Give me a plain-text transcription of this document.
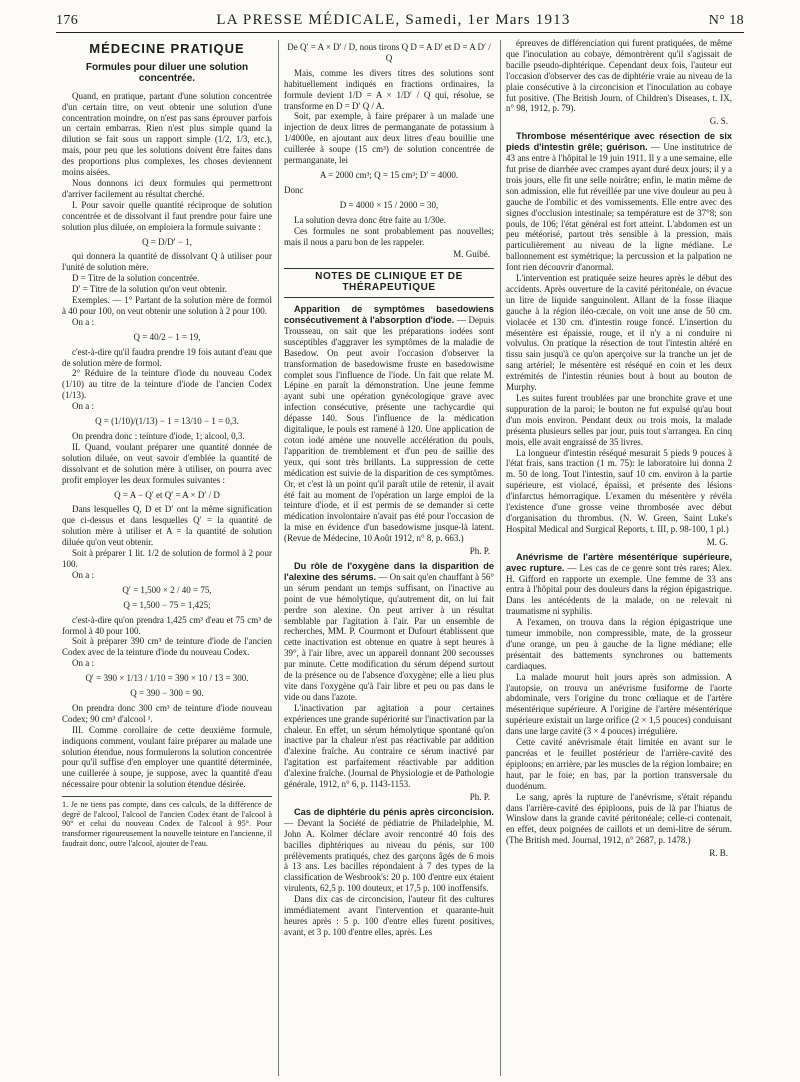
176	LA PRESSE MÉDICALE, Samedi, 1er Mars 1913	N° 18
MÉDECINE PRATIQUE
Formules pour diluer une solution concentrée.

Quand, en pratique, partant d'une solution concentrée d'un certain titre, on veut obtenir une solution d'une concentration moindre, on n'est pas sans éprouver parfois un certain embarras. Rien n'est plus simple quand la dilution se fait sous un rapport simple (1/2, 1/3, etc.), mais, pour peu que les solutions doivent être faites dans des proportions plus complexes, les choses deviennent moins aisées.

Nous donnons ici deux formules qui permettront d'arriver facilement au résultat cherché.

I. Pour savoir quelle quantité réciproque de solution concentrée et de dissolvant il faut prendre pour faire une solution plus diluée, on emploiera la formule suivante :

Q = D/D′ − 1,

qui donnera la quantité de dissolvant Q à utiliser pour l'unité de solution mère.

D = Titre de la solution concentrée.

D′ = Titre de la solution qu'on veut obtenir.

Exemples. — 1° Partant de la solution mère de formol à 40 pour 100, on veut obtenir une solution à 2 pour 100.

On a :

Q = 40/2 − 1 = 19,

c'est-à-dire qu'il faudra prendre 19 fois autant d'eau que de solution mère de formol.

2° Réduire de la teinture d'iode du nouveau Codex (1/10) au titre de la teinture d'iode de l'ancien Codex (1/13).

On a :

Q = (1/10)/(1/13) − 1 = 13/10 − 1 = 0,3.

On prendra donc : teinture d'iode, 1; alcool, 0,3.

II. Quand, voulant préparer une quantité donnée de solution diluée, on veut savoir d'emblée la quantité de dissolvant et de solution mère à utiliser, on pourra avec profit employer les deux formules suivantes :

Q = A − Q′ et Q′ = A × D′ / D

Dans lesquelles Q, D et D′ ont la même signification que ci-dessus et dans lesquelles Q′ = la quantité de solution mère à utiliser et A = la quantité de solution diluée qu'on veut obtenir.

Soit à préparer 1 lit. 1/2 de solution de formol à 2 pour 100.

On a :

Q′ = 1,500 × 2 / 40 = 75,
Q = 1,500 − 75 = 1,425;

c'est-à-dire qu'on prendra 1,425 cm³ d'eau et 75 cm³ de formol à 40 pour 100.

Soit à préparer 390 cm³ de teinture d'iode de l'ancien Codex avec de la teinture d'iode du nouveau Codex.

On a :

Q′ = 390 × 1/13 / 1/10 = 390 × 10 / 13 = 300.
Q = 390 − 300 = 90.

On prendra donc 300 cm³ de teinture d'iode nouveau Codex; 90 cm³ d'alcool ¹.

III. Comme corollaire de cette deuxième formule, indiquons comment, voulant faire préparer au malade une solution étendue, nous formulerons la solution concentrée pour qu'il suffise d'en employer une quantité déterminée, une cuillerée à soupe, je suppose, avec la quantité d'eau nécessaire pour obtenir la solution étendue désirée.

1. Je ne tiens pas compte, dans ces calculs, de la différence de degré de l'alcool, l'alcool de l'ancien Codex étant de l'alcool à 90° et celui du nouveau Codex de l'alcool à 95°. Pour transformer rigoureusement la nouvelle teinture en l'ancienne, il faudrait donc, outre l'alcool, ajouter de l'eau.
De Q′ = A × D′ / D, nous tirons Q D = A D′ et D = A D′ / Q

Mais, comme les divers titres des solutions sont habituellement indiqués en fractions ordinaires, la formule devient 1/D = A × 1/D′ / Q qui, résolue, se transforme en D = D′ Q / A.

Soit, par exemple, à faire préparer à un malade une injection de deux litres de permanganate de potassium à 1/4000e, en ajoutant aux deux litres d'eau bouillie une cuillerée à soupe (15 cm³) de solution concentrée de permanganate, lei

A = 2000 cm³; Q = 15 cm³; D′ = 4000.

Donc

D = 4000 × 15 / 2000 = 30,

La solution devra donc être faite au 1/30e.

Ces formules ne sont probablement pas nouvelles; mais il nous a paru bon de les rappeler.

M. Guibé.
NOTES DE CLINIQUE ET DE THÉRAPEUTIQUE

Apparition de symptômes basedowiens consécutivement à l'absorption d'iode. — Depuis Trousseau, on sait que les préparations iodées sont susceptibles d'aggraver les symptômes de la maladie de Basedow. On peut avoir l'occasion d'observer la transformation de basedowisme fruste en basedowisme complet sous l'influence de l'iode. Un fait que relate M. Lépine en paraît la démonstration. Une jeune femme ayant subi une opération gynécologique grave avec infection consécutive, présente une tachycardie qui dépasse 140. Sous l'influence de la médication digitalique, le pouls est ramené à 120. Une application de coton iodé amène une nouvelle accélération du pouls, l'apparition de tremblement et d'un peu de saillie des yeux, qui sont très brillants. La suppression de cette médication est suivie de la disparition de ces symptômes. Or, et c'est là un point qu'il paraît utile de retenir, il avait été fait au moment de l'opération un large emploi de la teinture d'iode, et il est permis de se demander si cette médication involontaire n'avait pas été pour l'occasion de la mise en évidence d'un basedowisme jusque-là latent. (Revue de Médecine, 10 Août 1912, n° 8, p. 663.)

Ph. P.

Du rôle de l'oxygène dans la disparition de l'alexine des sérums. — On sait qu'en chauffant à 56° un sérum pendant un temps suffisant, on l'inactive au point de vue hémolytique, qu'autrement dit, on lui fait perdre son alexine. On peut arriver à un résultat semblable par l'agitation à l'air. Par un ensemble de recherches, MM. P. Courmont et Dufourt établissent que cette inactivation est obtenue en quatre à sept heures à 39°, à l'air libre, avec un appareil donnant 200 secousses par minute. Cette modification du sérum dépend surtout de la présence ou de l'absence d'oxygène; elle a lieu plus vite dans l'oxygène qu'à l'air libre et peu ou pas dans le vide ou dans l'azote.

L'inactivation par agitation a pour certaines expériences une grande supériorité sur l'inactivation par la chaleur. En effet, un sérum hémolytique spontané qu'on inactive par la chaleur n'est pas réactivable par addition d'alexine fraîche. Au contraire ce sérum inactivé par l'agitation est parfaitement réactivable par addition d'alexine fraîche. (Journal de Physiologie et de Pathologie générale, 1912, n° 6, p. 1143-1153.

Ph. P.

Cas de diphtérie du pénis après circoncision. — Devant la Société de pédiatrie de Philadelphie, M. John A. Kolmer déclare avoir rencontré 40 fois des bacilles diphtériques au niveau du pénis, sur 100 prélèvements pratiqués, chez des garçons âgés de 6 mois à 13 ans. Les bacilles répondaient à 7 des types de la classification de Wesbrook's: 20 p. 100 d'entre eux étaient virulents, 62,5 p. 100 douteux, et 17,5 p. 100 inoffensifs.

Dans dix cas de circoncision, l'auteur fit des cultures immédiatement avant l'intervention et quarante-huit heures après : 5 p. 100 d'entre elles furent positives, avant, et 3 p. 100 d'entre elles, après. Les

épreuves de différenciation qui furent pratiquées, de même que l'inoculation au cobaye, démontrèrent qu'il s'agissait de bacille pseudo-diphtérique. Cependant deux fois, l'auteur eut l'occasion d'observer des cas de diphtérie vraie au niveau de la plaie consécutive à la circoncision et l'inoculation au cobaye fut positive. (The British Journ. of Children's Diseases, t. IX, n° 98, 1912, p. 79).

G. S.

Thrombose mésentérique avec résection de six pieds d'intestin grêle; guérison. — Une institutrice de 43 ans entre à l'hôpital le 19 juin 1911. Il y a une semaine, elle fut prise de diarrhée avec crampes ayant duré deux jours; il y a trois jours, elle fit une selle noirâtre; enfin, le matin même de son admission, elle fut réveillée par une vive douleur au peu à gauche de l'ombilic et des vomissements. Elle entre avec des signes d'occlusion intestinale; sa température est de 37°8; son pouls, de 106; l'état général est fort atteint. L'abdomen est un peu météorisé, partout très sensible à la pression, mais particulièrement au niveau de la ligne médiane. Le ballonnement est symétrique; la percussion et la palpation ne font rien découvrir d'anormal.

L'intervention est pratiquée seize heures après le début des accidents. Après ouverture de la cavité péritonéale, on évacue un litre de liquide sanguinolent. Allant de la fosse iliaque gauche à la région iléo-cæcale, on voit une anse de 50 cm. violacée et 130 cm. d'intestin rouge foncé. L'insertion du mésentère est épaissie, rouge, et il n'y a ni conduire ni volvulus. On pratique la résection de tout l'intestin altéré en tissu sain jusqu'à ce qu'on aperçoive sur la tranche un jet de sang artériel; le mésentère est réséqué en coin et les deux extrémités de l'intestin réunies bout à bout au bouton de Murphy.

Les suites furent troublées par une bronchite grave et une suppuration de la paroi; le bouton ne fut expulsé qu'au bout d'un mois environ. Pendant deux ou trois mois, la malade présenta plusieurs selles par jour, puis tout s'arrangea. En cinq mois, elle avait engraissé de 35 livres.

La longueur d'intestin réséqué mesurait 5 pieds 9 pouces à l'état frais, sans traction (1 m. 75): le laboratoire lui donna 2 m. 50 de long. Tout l'intestin, sauf 10 cm. environ à la partie supérieure, est violacé, épaissi, et présente des lésions d'infarctus hémorragique. L'examen du mésentère y révéla l'existence d'une grosse veine thrombosée avec début d'organisation du thrombus. (N. W. Green, Saint Luke's Hospital Medical and Surgical Reports, t. III, p. 98-100, 1 pl.)

M. G.

Anévrisme de l'artère mésentérique supérieure, avec rupture. — Les cas de ce genre sont très rares; Alex. H. Gifford en rapporte un exemple. Une femme de 33 ans entra à l'hôpital pour des douleurs dans la région épigastrique. Dans les antécédents de la malade, on ne relevait ni traumatisme ni syphilis.

A l'examen, on trouva dans la région épigastrique une tumeur immobile, non compressible, mate, de la grosseur d'une orange, un peu à gauche de la ligne médiane; elle présentait des battements synchrones ou battements cardiaques.

La malade mourut huit jours après son admission. A l'autopsie, on trouva un anévrisme fusiforme de l'aorte abdominale, vers l'origine du tronc cœliaque et de l'artère mésentérique supérieure. A l'origine de l'artère mésentérique supérieure existait un large orifice (2 × 1,5 pouces) conduisant dans une large cavité (3 × 4 pouces) irrégulière.

Cette cavité anévrismale était limitée en avant sur le pancréas et le feuillet postérieur de l'arrière-cavité des épiploons; en arrière, par les muscles de la région lombaire; en haut, par le foie; en bas, par la portion transversale du duodénum.

Le sang, après la rupture de l'anévrisme, s'était répandu dans l'arrière-cavité des épiploons, puis de là par l'hiatus de Winslow dans la grande cavité péritonéale; celle-ci contenait, en effet, deux poignées de caillots et un demi-litre de sérum. (The British med. Journal, 1912, n° 2687, p. 1478.)

R. B.
